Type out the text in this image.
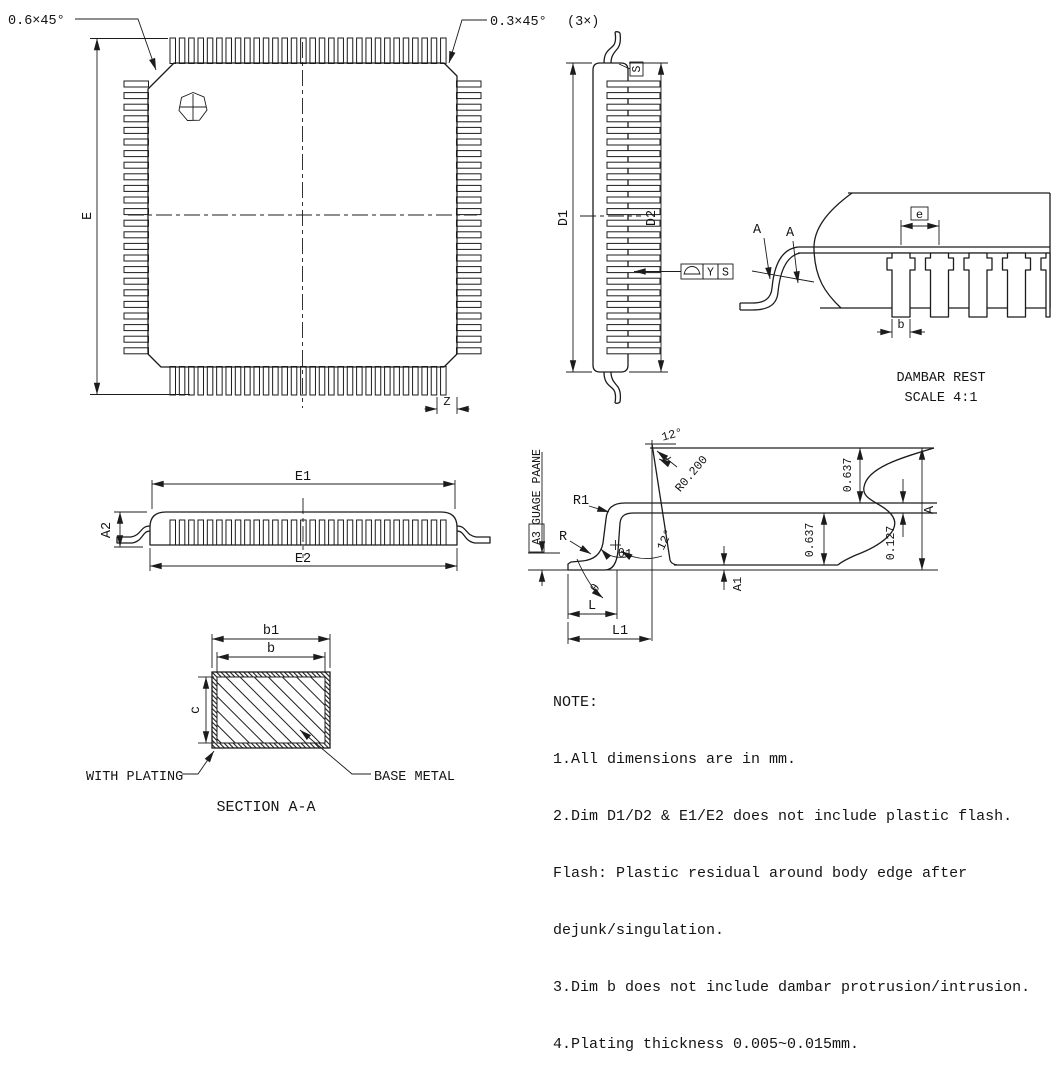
E
0.6×45°	0.3×45° (3×)
Z
D1	D2
S
Y S
A A
e
b
DAMBAR REST
SCALE 4:1
E1
E2
A2	A3
GUAGE PAANE	0.637
0.637	0.127
A
A1
R1
R
12°
R0.200
12°
θ1
θ
L
L1
b1
b
c
WITH PLATING	BASE METAL
SECTION A-A

NOTE:

1.All dimensions are in mm.

2.Dim D1/D2 & E1/E2 does not include plastic flash.

Flash: Plastic residual around body edge after

dejunk/singulation.

3.Dim b does not include dambar protrusion/intrusion.

4.Plating thickness 0.005~0.015mm.
